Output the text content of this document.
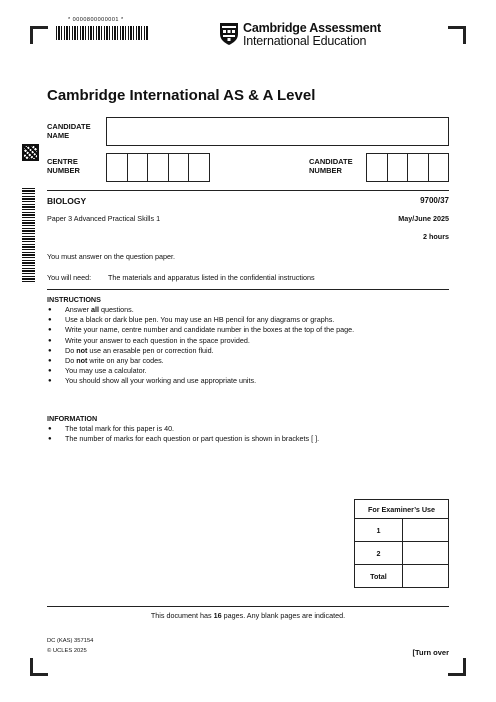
* 0000800000001 *
Cambridge Assessment
International Education
Cambridge International AS & A Level
CANDIDATE
NAME
CENTRE
NUMBER
CANDIDATE
NUMBER
BIOLOGY	9700/37
Paper 3 Advanced Practical Skills 1	May/June 2025
2 hours
You must answer on the question paper.
You will need: The materials and apparatus listed in the confidential instructions
INSTRUCTIONS
● Answer all questions.
● Use a black or dark blue pen. You may use an HB pencil for any diagrams or graphs.
● Write your name, centre number and candidate number in the boxes at the top of the page.
● Write your answer to each question in the space provided.
● Do not use an erasable pen or correction fluid.
● Do not write on any bar codes.
● You may use a calculator.
● You should show all your working and use appropriate units.
INFORMATION
● The total mark for this paper is 40.
● The number of marks for each question or part question is shown in brackets [ ].
For Examiner’s Use	
1	
2	
Total	
This document has 16 pages. Any blank pages are indicated.
DC (KAS) 357154
© UCLES 2025	[Turn over
